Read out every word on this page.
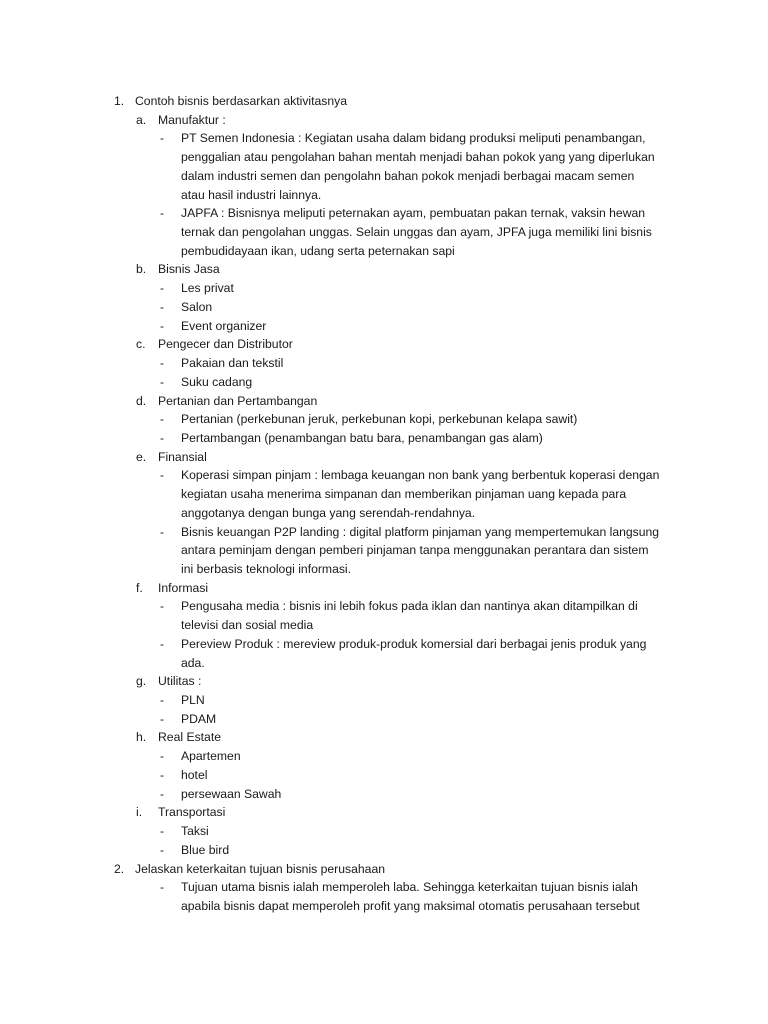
1. Contoh bisnis berdasarkan aktivitasnya
a. Manufaktur :
- PT Semen Indonesia : Kegiatan usaha dalam bidang produksi meliputi penambangan,
penggalian atau pengolahan bahan mentah menjadi bahan pokok yang yang diperlukan
dalam industri semen dan pengolahn bahan pokok menjadi berbagai macam semen
atau hasil industri lainnya.
- JAPFA : Bisnisnya meliputi peternakan ayam, pembuatan pakan ternak, vaksin hewan
ternak dan pengolahan unggas. Selain unggas dan ayam, JPFA juga memiliki lini bisnis
pembudidayaan ikan, udang serta peternakan sapi
b. Bisnis Jasa
- Les privat
- Salon
- Event organizer
c. Pengecer dan Distributor
- Pakaian dan tekstil
- Suku cadang
d. Pertanian dan Pertambangan
- Pertanian (perkebunan jeruk, perkebunan kopi, perkebunan kelapa sawit)
- Pertambangan (penambangan batu bara, penambangan gas alam)
e. Finansial
- Koperasi simpan pinjam : lembaga keuangan non bank yang berbentuk koperasi dengan
kegiatan usaha menerima simpanan dan memberikan pinjaman uang kepada para
anggotanya dengan bunga yang serendah-rendahnya.
- Bisnis keuangan P2P landing : digital platform pinjaman yang mempertemukan langsung
antara peminjam dengan pemberi pinjaman tanpa menggunakan perantara dan sistem
ini berbasis teknologi informasi.
f. Informasi
- Pengusaha media : bisnis ini lebih fokus pada iklan dan nantinya akan ditampilkan di
televisi dan sosial media
- Pereview Produk : mereview produk-produk komersial dari berbagai jenis produk yang
ada.
g. Utilitas :
- PLN
- PDAM
h. Real Estate
- Apartemen
- hotel
- persewaan Sawah
i. Transportasi
- Taksi
- Blue bird
2. Jelaskan keterkaitan tujuan bisnis perusahaan
- Tujuan utama bisnis ialah memperoleh laba. Sehingga keterkaitan tujuan bisnis ialah
apabila bisnis dapat memperoleh profit yang maksimal otomatis perusahaan tersebut
